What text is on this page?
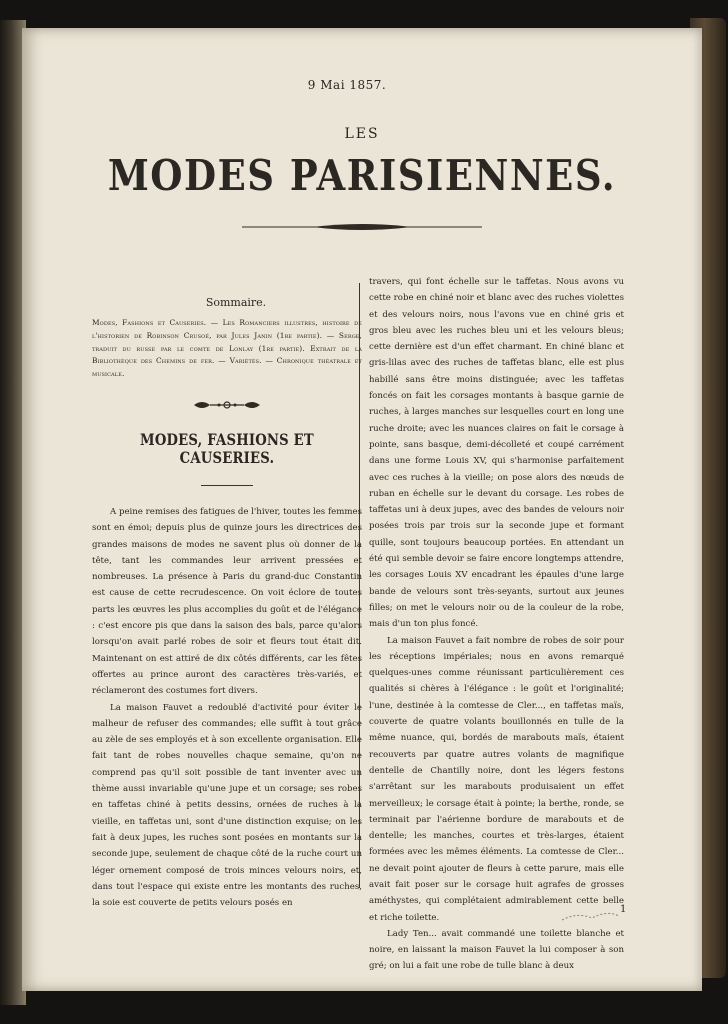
9 Mai 1857.
LES
MODES PARISIENNES.
Sommaire.
Modes, Fashions et Causeries. — Les Romanciers illustres, histoire de l'historien de Robinson Crusoé, par Jules Janin (1re partie). — Serge, traduit du russe par le comte de Lonlay (1re partie). Extrait de la Bibliothèque des Chemins de fer. — Variétés. — Chronique théatrale et musicale.
MODES, FASHIONS ET CAUSERIES.

A peine remises des fatigues de l'hiver, toutes les femmes sont en émoi; depuis plus de quinze jours les directrices des grandes maisons de modes ne savent plus où donner de la tête, tant les commandes leur arrivent pressées et nombreuses. La présence à Paris du grand-duc Constantin est cause de cette recrudescence. On voit éclore de toutes parts les œuvres les plus accomplies du goût et de l'élégance : c'est encore pis que dans la saison des bals, parce qu'alors lorsqu'on avait parlé robes de soir et fleurs tout était dit. Maintenant on est attiré de dix côtés différents, car les fêtes offertes au prince auront des caractères très-variés, et réclameront des costumes fort divers.

La maison Fauvet a redoublé d'activité pour éviter le malheur de refuser des commandes; elle suffit à tout grâce au zèle de ses employés et à son excellente organisation. Elle fait tant de robes nouvelles chaque semaine, qu'on ne comprend pas qu'il soit possible de tant inventer avec un thème aussi invariable qu'une jupe et un corsage; ses robes en taffetas chiné à petits dessins, ornées de ruches à la vieille, en taffetas uni, sont d'une distinction exquise; on les fait à deux jupes, les ruches sont posées en montants sur la seconde jupe, seulement de chaque côté de la ruche court un léger ornement composé de trois minces velours noirs, et, dans tout l'espace qui existe entre les montants des ruches, la soie est couverte de petits velours posés en

travers, qui font échelle sur le taffetas. Nous avons vu cette robe en chiné noir et blanc avec des ruches violettes et des velours noirs, nous l'avons vue en chiné gris et gros bleu avec les ruches bleu uni et les velours bleus; cette dernière est d'un effet charmant. En chiné blanc et gris-lilas avec des ruches de taffetas blanc, elle est plus habillé sans être moins distinguée; avec les taffetas foncés on fait les corsages montants à basque garnie de ruches, à larges manches sur lesquelles court en long une ruche droite; avec les nuances claires on fait le corsage à pointe, sans basque, demi-décolleté et coupé carrément dans une forme Louis XV, qui s'harmonise parfaitement avec ces ruches à la vieille; on pose alors des nœuds de ruban en échelle sur le devant du corsage. Les robes de taffetas uni à deux jupes, avec des bandes de velours noir posées trois par trois sur la seconde jupe et formant quille, sont toujours beaucoup portées. En attendant un été qui semble devoir se faire encore longtemps attendre, les corsages Louis XV encadrant les épaules d'une large bande de velours sont très-seyants, surtout aux jeunes filles; on met le velours noir ou de la couleur de la robe, mais d'un ton plus foncé.

La maison Fauvet a fait nombre de robes de soir pour les réceptions impériales; nous en avons remarqué quelques-unes comme réunissant particulièrement ces qualités si chères à l'élégance : le goût et l'originalité; l'une, destinée à la comtesse de Cler..., en taffetas maïs, couverte de quatre volants bouillonnés en tulle de la même nuance, qui, bordés de marabouts maïs, étaient recouverts par quatre autres volants de magnifique dentelle de Chantilly noire, dont les légers festons s'arrêtant sur les marabouts produisaient un effet merveilleux; le corsage était à pointe; la berthe, ronde, se terminait par l'aérienne bordure de marabouts et de dentelle; les manches, courtes et très-larges, étaient formées avec les mêmes éléments. La comtesse de Cler... ne devait point ajouter de fleurs à cette parure, mais elle avait fait poser sur le corsage huit agrafes de grosses améthystes, qui complétaient admirablement cette belle et riche toilette.

Lady Ten... avait commandé une toilette blanche et noire, en laissant la maison Fauvet la lui composer à son gré; on lui a fait une robe de tulle blanc à deux

1
